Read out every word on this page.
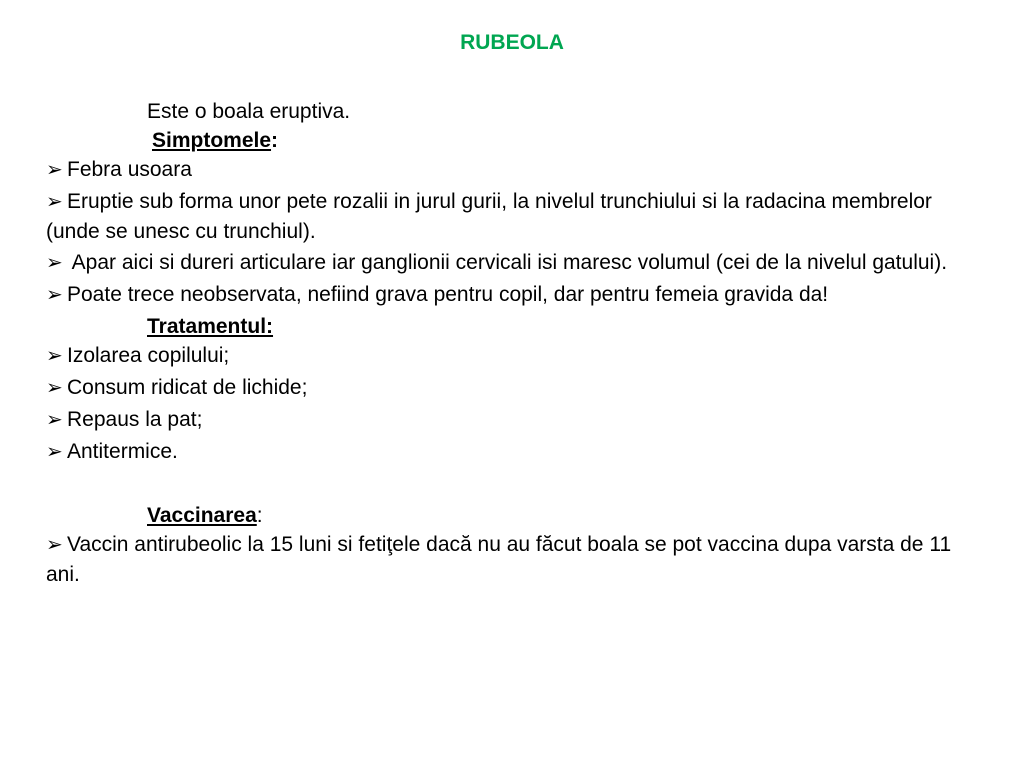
RUBEOLA

Este o boala eruptiva.

Simptomele:

➢ Febra usoara

➢ Eruptie sub forma unor pete rozalii in jurul gurii, la nivelul trunchiului si la radacina membrelor (unde se unesc cu trunchiul).

➢ Apar aici si dureri articulare iar ganglionii cervicali isi maresc volumul (cei de la nivelul gatului).

➢ Poate trece neobservata, nefiind grava pentru copil, dar pentru femeia gravida da!

Tratamentul:

➢ Izolarea copilului;

➢ Consum ridicat de lichide;

➢ Repaus la pat;

➢ Antitermice.

Vaccinarea:

➢ Vaccin antirubeolic la 15 luni si fetiţele dacă nu au făcut boala se pot vaccina dupa varsta de 11 ani.
